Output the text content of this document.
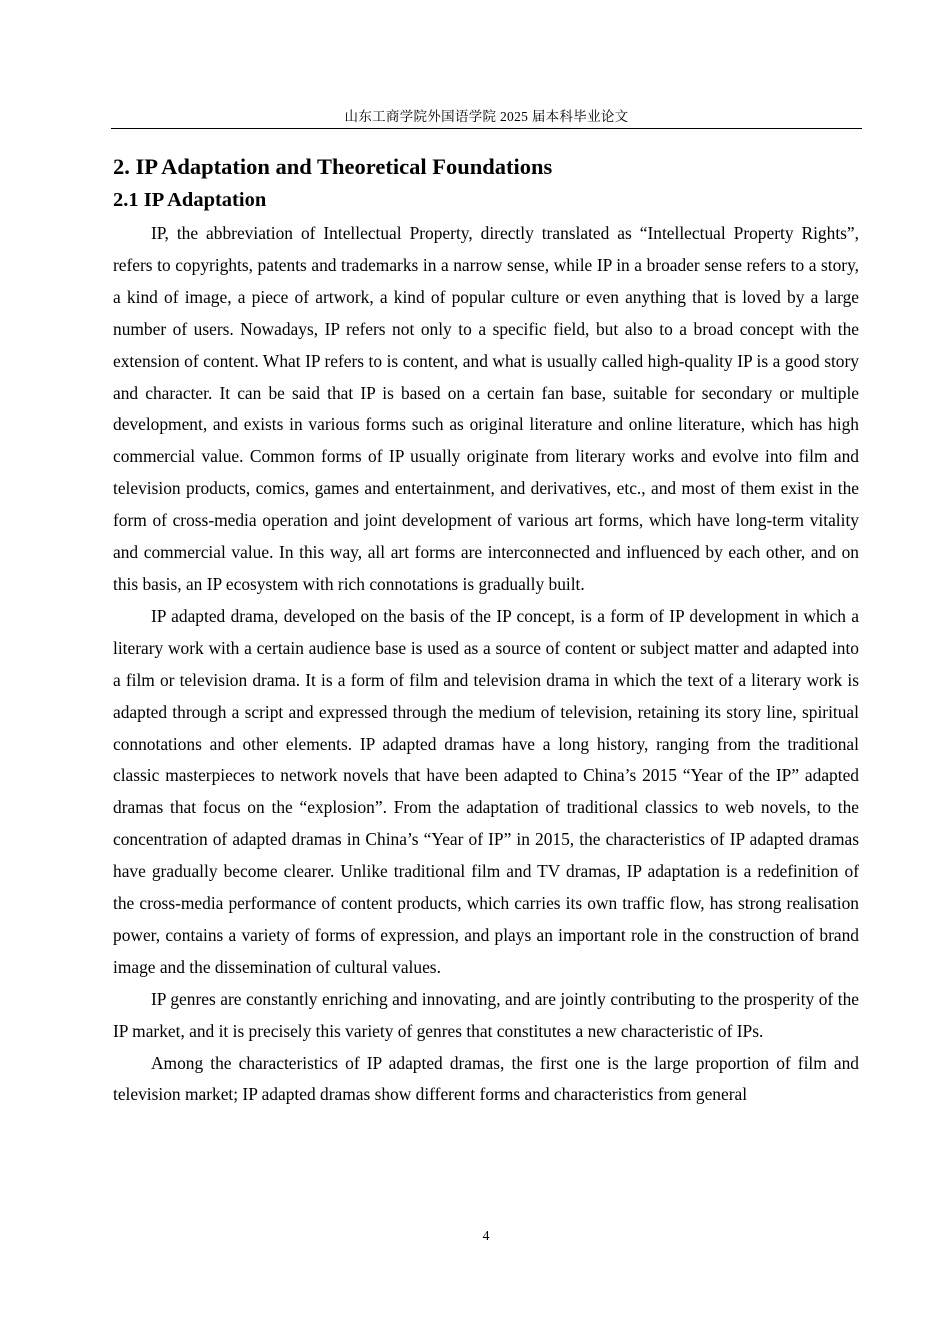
山东工商学院外国语学院 2025 届本科毕业论文
2. IP Adaptation and Theoretical Foundations
2.1 IP Adaptation

IP, the abbreviation of Intellectual Property, directly translated as “Intellectual Property Rights”, refers to copyrights, patents and trademarks in a narrow sense, while IP in a broader sense refers to a story, a kind of image, a piece of artwork, a kind of popular culture or even anything that is loved by a large number of users. Nowadays, IP refers not only to a specific field, but also to a broad concept with the extension of content. What IP refers to is content, and what is usually called high-quality IP is a good story and character. It can be said that IP is based on a certain fan base, suitable for secondary or multiple development, and exists in various forms such as original literature and online literature, which has high commercial value. Common forms of IP usually originate from literary works and evolve into film and television products, comics, games and entertainment, and derivatives, etc., and most of them exist in the form of cross-media operation and joint development of various art forms, which have long-term vitality and commercial value. In this way, all art forms are interconnected and influenced by each other, and on this basis, an IP ecosystem with rich connotations is gradually built.

IP adapted drama, developed on the basis of the IP concept, is a form of IP development in which a literary work with a certain audience base is used as a source of content or subject matter and adapted into a film or television drama. It is a form of film and television drama in which the text of a literary work is adapted through a script and expressed through the medium of television, retaining its story line, spiritual connotations and other elements. IP adapted dramas have a long history, ranging from the traditional classic masterpieces to network novels that have been adapted to China’s 2015 “Year of the IP” adapted dramas that focus on the “explosion”. From the adaptation of traditional classics to web novels, to the concentration of adapted dramas in China’s “Year of IP” in 2015, the characteristics of IP adapted dramas have gradually become clearer. Unlike traditional film and TV dramas, IP adaptation is a redefinition of the cross-media performance of content products, which carries its own traffic flow, has strong realisation power, contains a variety of forms of expression, and plays an important role in the construction of brand image and the dissemination of cultural values.

IP genres are constantly enriching and innovating, and are jointly contributing to the prosperity of the IP market, and it is precisely this variety of genres that constitutes a new characteristic of IPs.

Among the characteristics of IP adapted dramas, the first one is the large proportion of film and television market; IP adapted dramas show different forms and characteristics from general

4
